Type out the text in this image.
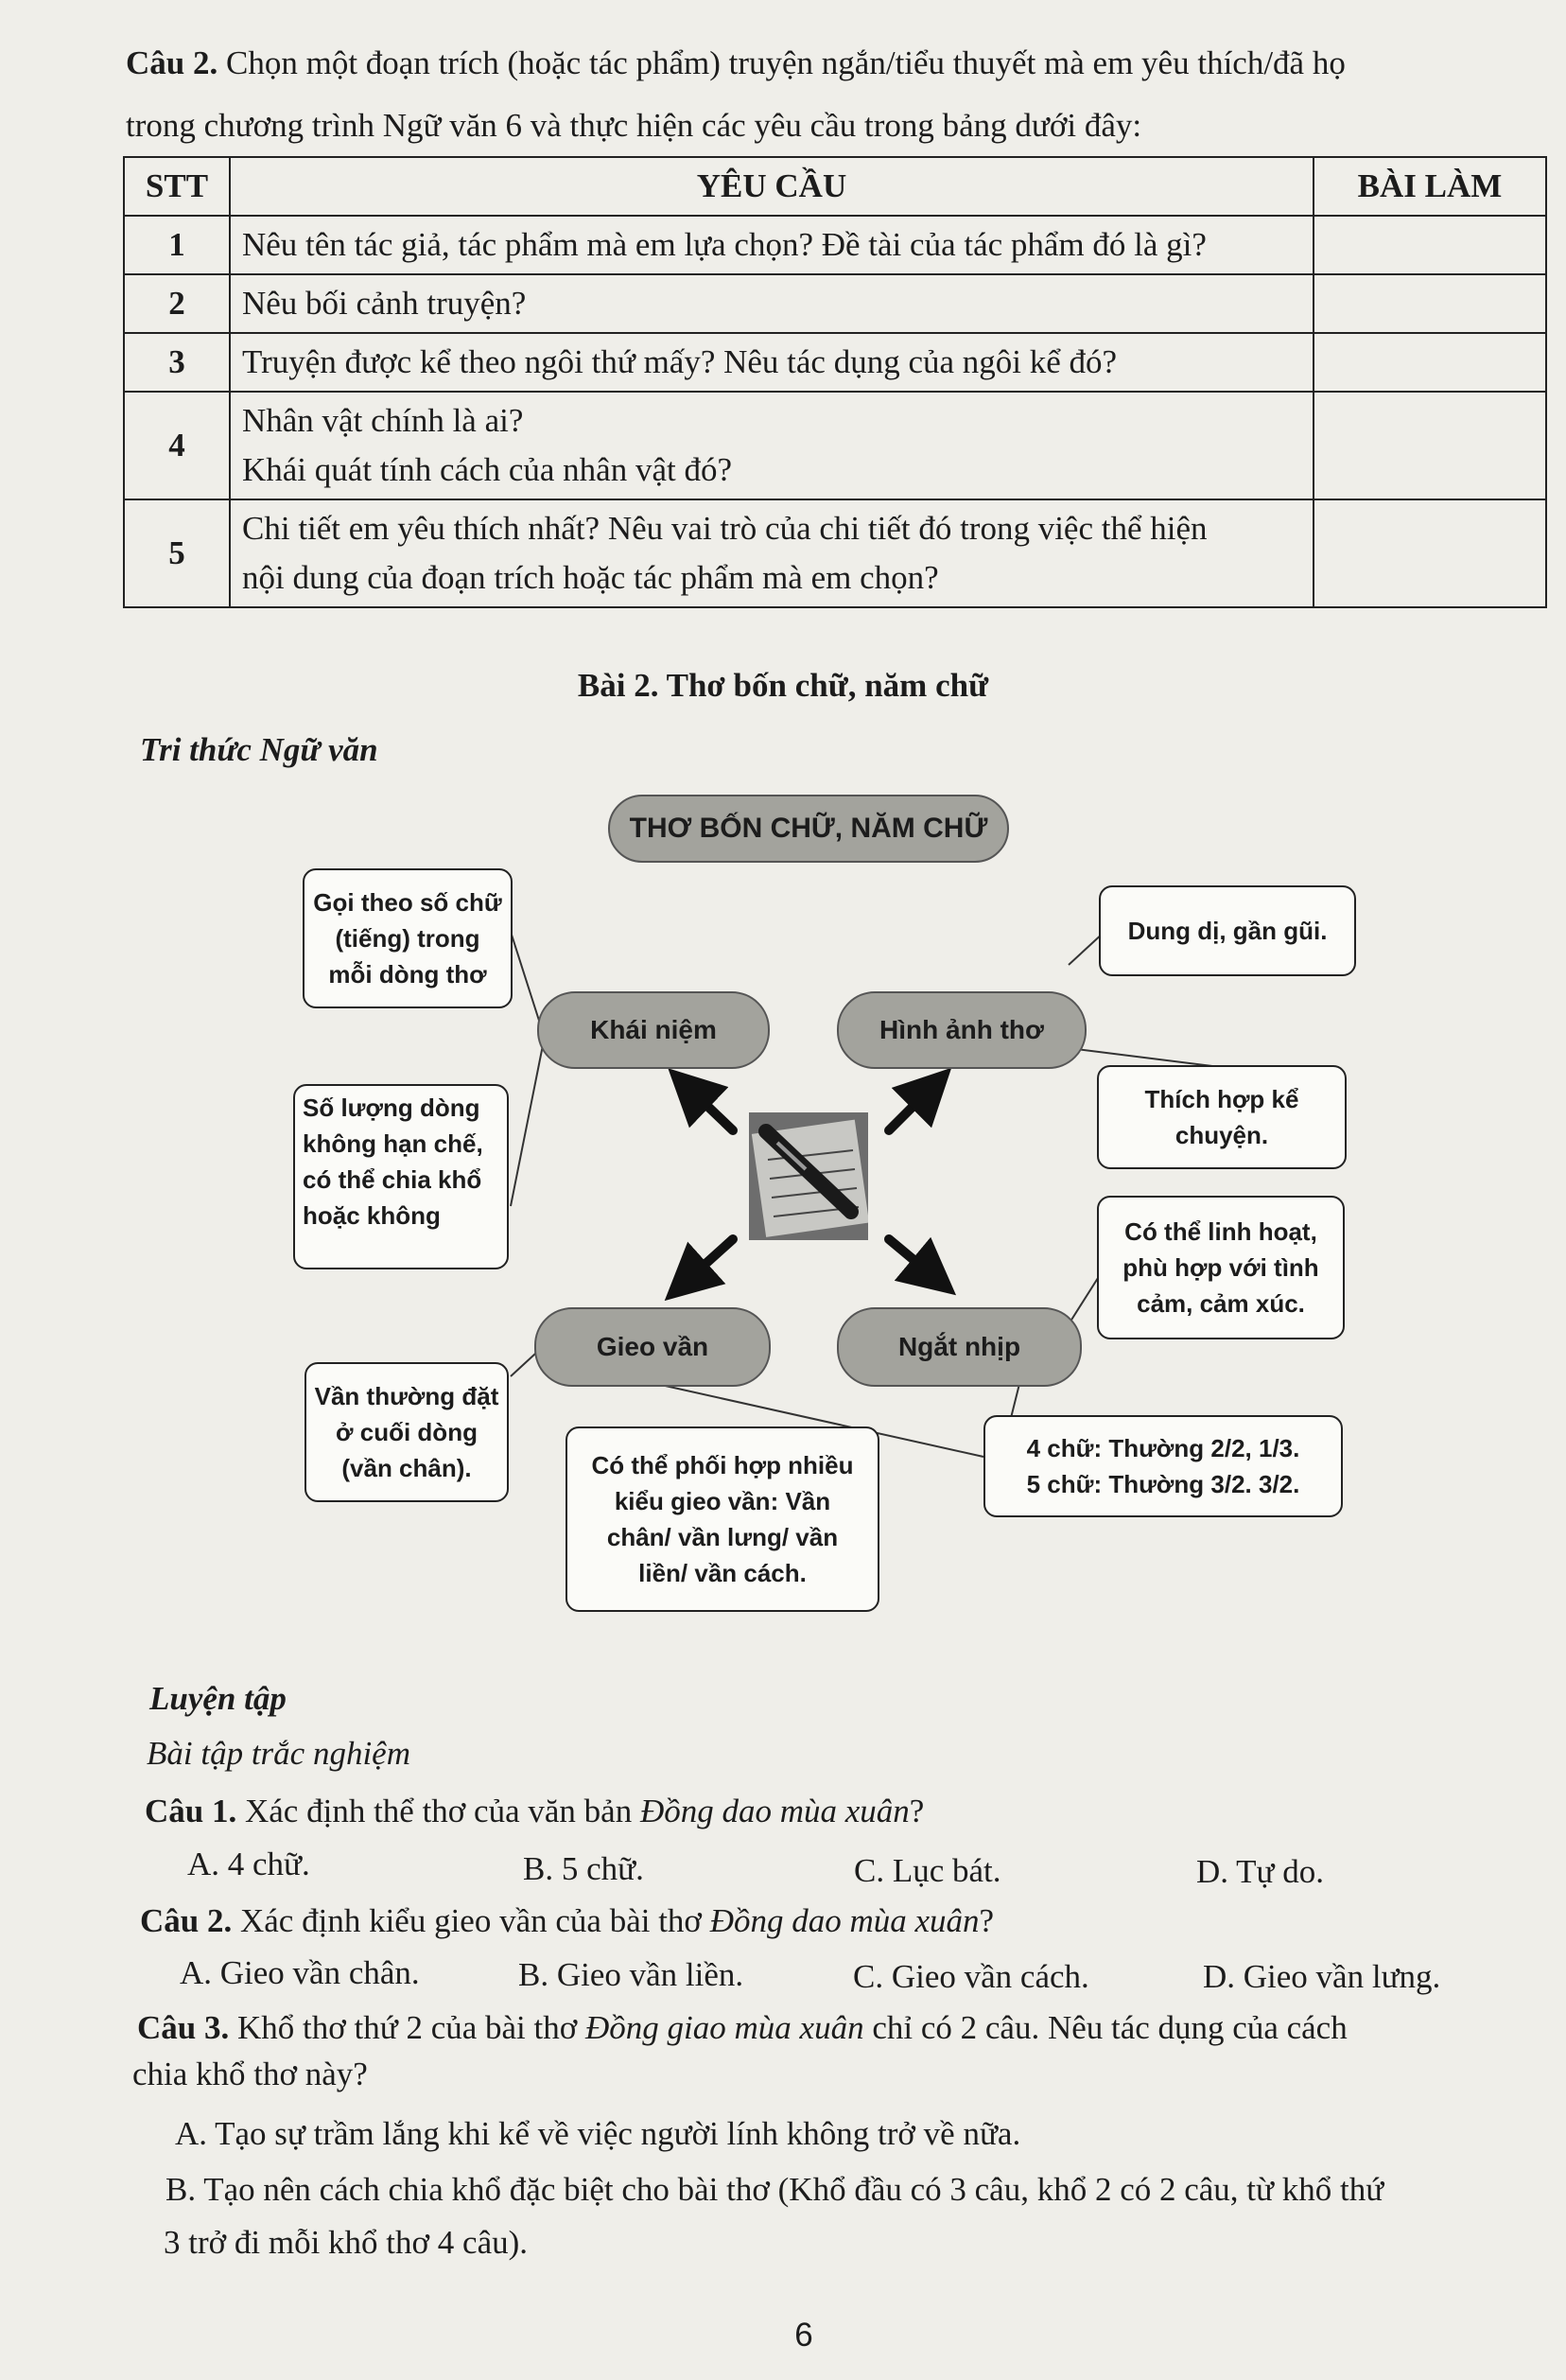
Câu 2. Chọn một đoạn trích (hoặc tác phẩm) truyện ngắn/tiểu thuyết mà em yêu thích/đã họ
trong chương trình Ngữ văn 6 và thực hiện các yêu cầu trong bảng dưới đây:
STT	YÊU CẦU	BÀI LÀM
1	Nêu tên tác giả, tác phẩm mà em lựa chọn? Đề tài của tác phẩm đó là gì?	
2	Nêu bối cảnh truyện?	
3	Truyện được kể theo ngôi thứ mấy? Nêu tác dụng của ngôi kể đó?	
4	Nhân vật chính là ai?
Khái quát tính cách của nhân vật đó?	

5	Chi tiết em yêu thích nhất? Nêu vai trò của chi tiết đó trong việc thể hiện
nội dung của đoạn trích hoặc tác phẩm mà em chọn?	

Bài 2. Thơ bốn chữ, năm chữ
Tri thức Ngữ văn
THƠ BỐN CHỮ, NĂM CHỮ
Khái niệm	Hình ảnh thơ
Gieo vần	Ngắt nhịp
Gọi theo số chữ
(tiếng) trong
mỗi dòng thơ
Số lượng dòng
không hạn chế,
có thể chia khổ
hoặc không
Dung dị, gần gũi.
Thích hợp kể
chuyện.
Có thể linh hoạt,
phù hợp với tình
cảm, cảm xúc.
4 chữ: Thường 2/2, 1/3.
5 chữ: Thường 3/2. 3/2.
Vần thường đặt
ở cuối dòng
(vần chân).	Có thể phối hợp nhiều
kiểu gieo vần: Vần
chân/ vần lưng/ vần
liền/ vần cách.
Luyện tập
Bài tập trắc nghiệm
Câu 1. Xác định thể thơ của văn bản Đồng dao mùa xuân?
A. 4 chữ.	B. 5 chữ.	C. Lục bát.	D. Tự do.
Câu 2. Xác định kiểu gieo vần của bài thơ Đồng dao mùa xuân?
A. Gieo vần chân.	B. Gieo vần liền.	C. Gieo vần cách.	D. Gieo vần lưng.
Câu 3. Khổ thơ thứ 2 của bài thơ Đồng giao mùa xuân chỉ có 2 câu. Nêu tác dụng của cách
chia khổ thơ này?
A. Tạo sự trầm lắng khi kể về việc người lính không trở về nữa.
B. Tạo nên cách chia khổ đặc biệt cho bài thơ (Khổ đầu có 3 câu, khổ 2 có 2 câu, từ khổ thứ
3 trở đi mỗi khổ thơ 4 câu).
6
